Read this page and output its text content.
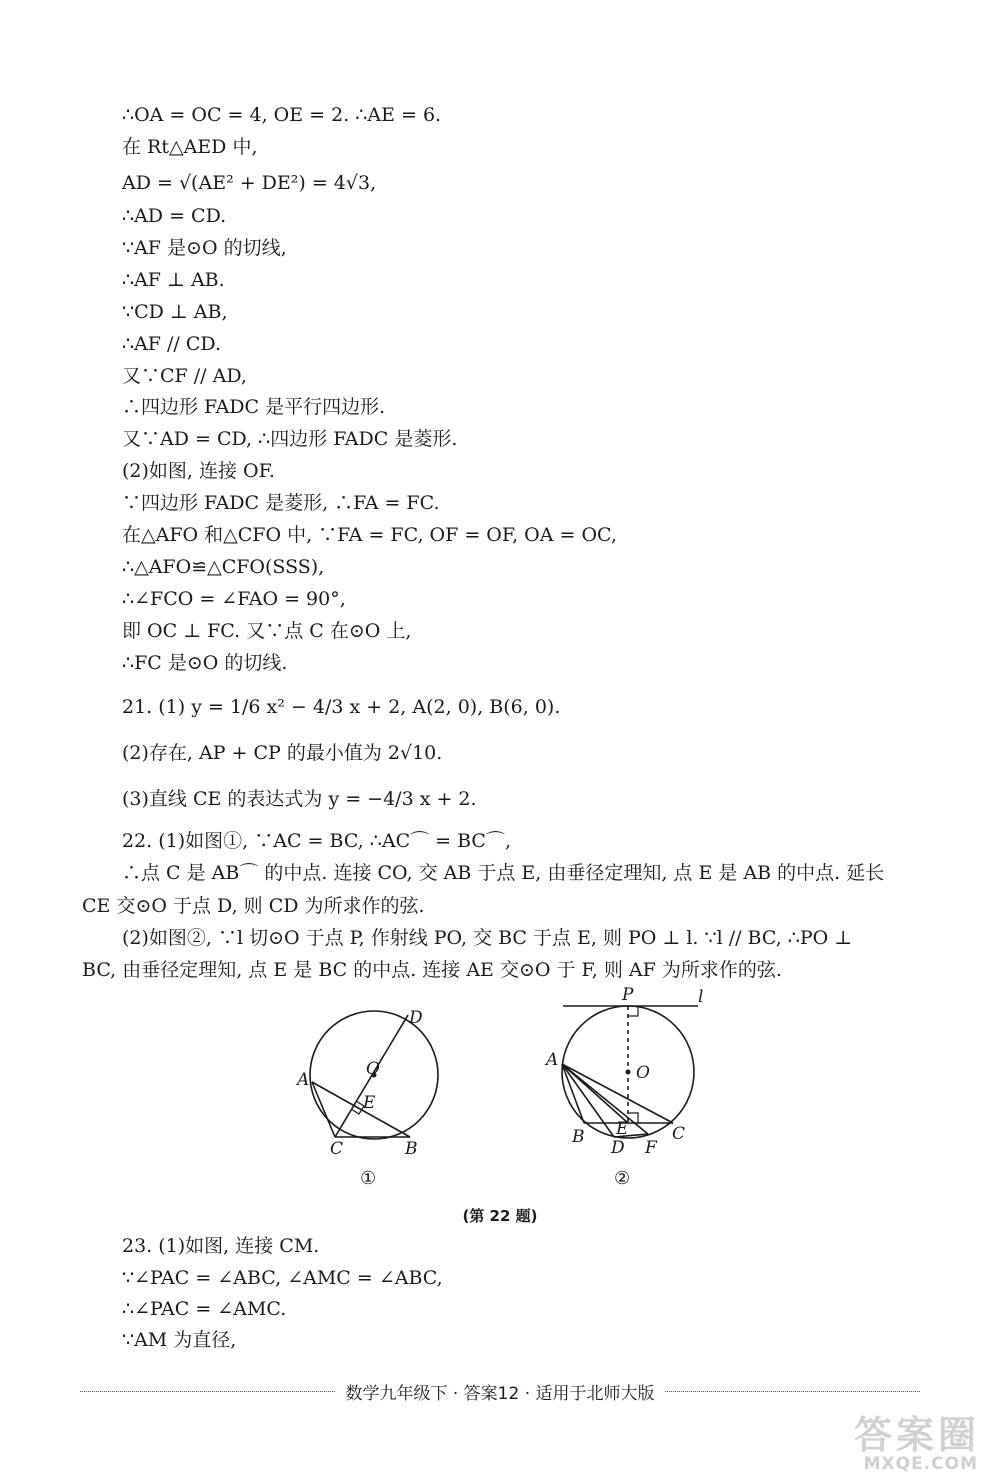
∴OA = OC = 4, OE = 2. ∴AE = 6.
在 Rt△AED 中,
AD = √(AE² + DE²) = 4√3,
∴AD = CD.
∵AF 是⊙O 的切线,
∴AF ⊥ AB.
∵CD ⊥ AB,
∴AF // CD.
又∵CF // AD,
∴四边形 FADC 是平行四边形.
又∵AD = CD, ∴四边形 FADC 是菱形.
(2)如图, 连接 OF.
∵四边形 FADC 是菱形, ∴FA = FC.
在△AFO 和△CFO 中, ∵FA = FC, OF = OF, OA = OC,
∴△AFO≌△CFO(SSS),
∴∠FCO = ∠FAO = 90°,
即 OC ⊥ FC. 又∵点 C 在⊙O 上,
∴FC 是⊙O 的切线.
21. (1) y = 1/6 x² − 4/3 x + 2, A(2, 0), B(6, 0).
(2)存在, AP + CP 的最小值为 2√10.
(3)直线 CE 的表达式为 y = −4/3 x + 2.
22. (1)如图①, ∵AC = BC, ∴AC⌒ = BC⌒,
∴点 C 是 AB⌒ 的中点. 连接 CO, 交 AB 于点 E, 由垂径定理知, 点 E 是 AB 的中点. 延长
CE 交⊙O 于点 D, 则 CD 为所求作的弦.
(2)如图②, ∵l 切⊙O 于点 P, 作射线 PO, 交 BC 于点 E, 则 PO ⊥ l. ∵l // BC, ∴PO ⊥
BC, 由垂径定理知, 点 E 是 BC 的中点. 连接 AE 交⊙O 于 F, 则 AF 为所求作的弦.
D
O
A
E
C	B
①
P	l
A
O
B E	C
D F
②
(第 22 题)
23. (1)如图, 连接 CM.
∵∠PAC = ∠ABC, ∠AMC = ∠ABC,
∴∠PAC = ∠AMC.
∵AM 为直径,
数学九年级下 · 答案12 · 适用于北师大版
答案圈
MXQE.COM
